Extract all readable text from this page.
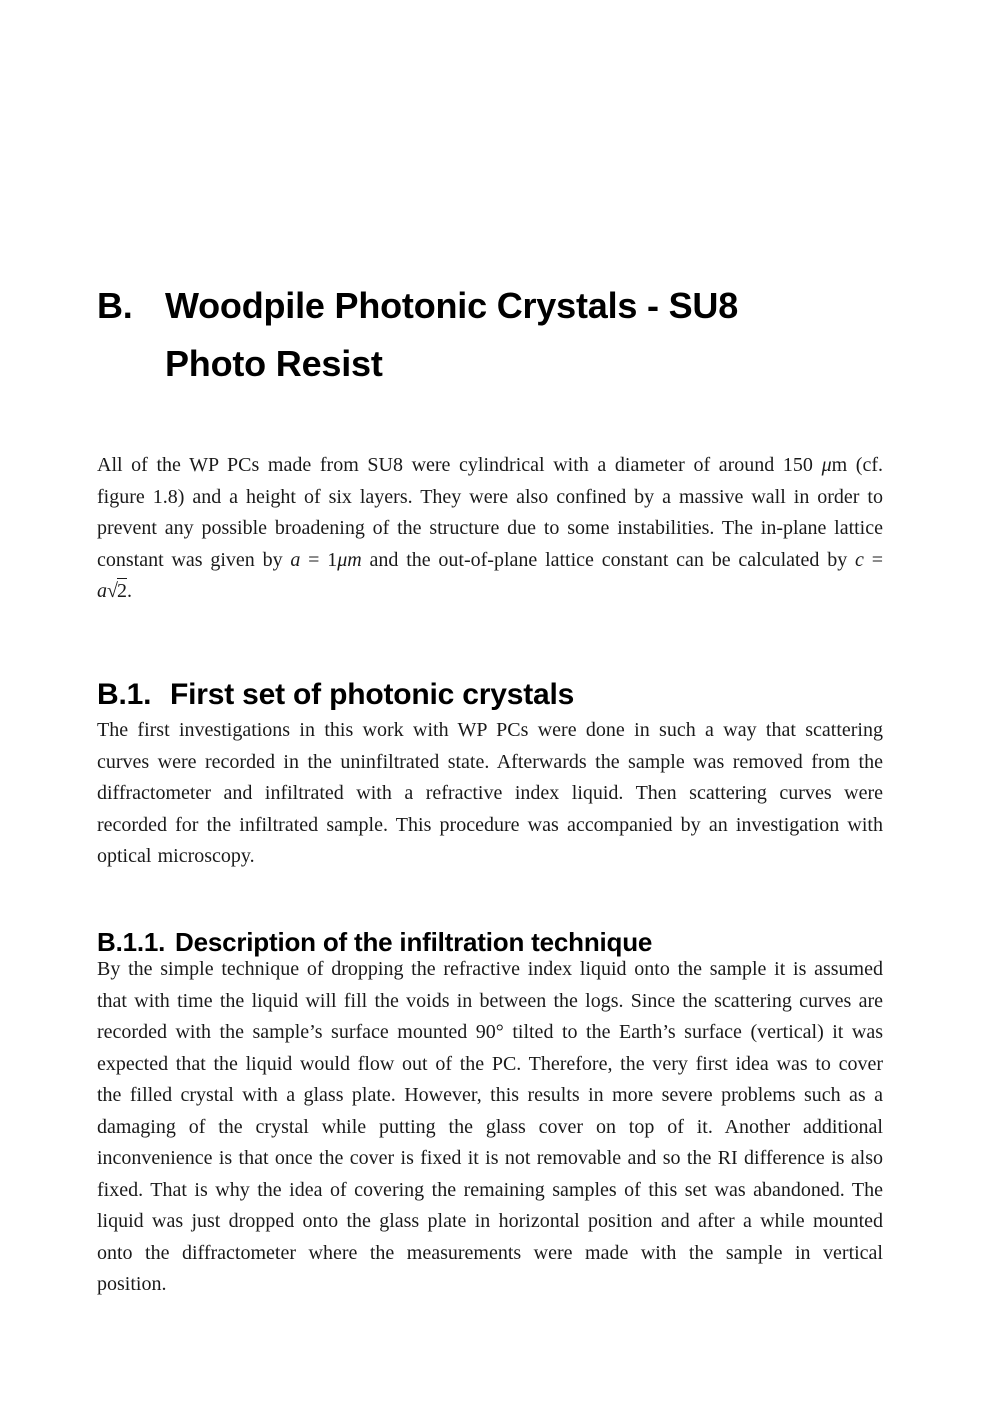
B. Woodpile Photonic Crystals - SU8
Photo Resist

All of the WP PCs made from SU8 were cylindrical with a diameter of around 150 μm (cf. figure 1.8) and a height of six layers. They were also confined by a massive wall in order to prevent any possible broadening of the structure due to some instabilities. The in-plane lattice constant was given by a = 1μm and the out-of-plane lattice constant can be calculated by c = a√2.

B.1. First set of photonic crystals

The first investigations in this work with WP PCs were done in such a way that scattering curves were recorded in the uninfiltrated state. Afterwards the sample was removed from the diffractometer and infiltrated with a refractive index liquid. Then scattering curves were recorded for the infiltrated sample. This procedure was accompanied by an investigation with optical microscopy.

B.1.1. Description of the infiltration technique

By the simple technique of dropping the refractive index liquid onto the sample it is assumed that with time the liquid will fill the voids in between the logs. Since the scattering curves are recorded with the sample’s surface mounted 90° tilted to the Earth’s surface (vertical) it was expected that the liquid would flow out of the PC. Therefore, the very first idea was to cover the filled crystal with a glass plate. However, this results in more severe problems such as a damaging of the crystal while putting the glass cover on top of it. Another additional inconvenience is that once the cover is fixed it is not removable and so the RI difference is also fixed. That is why the idea of covering the remaining samples of this set was abandoned. The liquid was just dropped onto the glass plate in horizontal position and after a while mounted onto the diffractometer where the measurements were made with the sample in vertical position.
